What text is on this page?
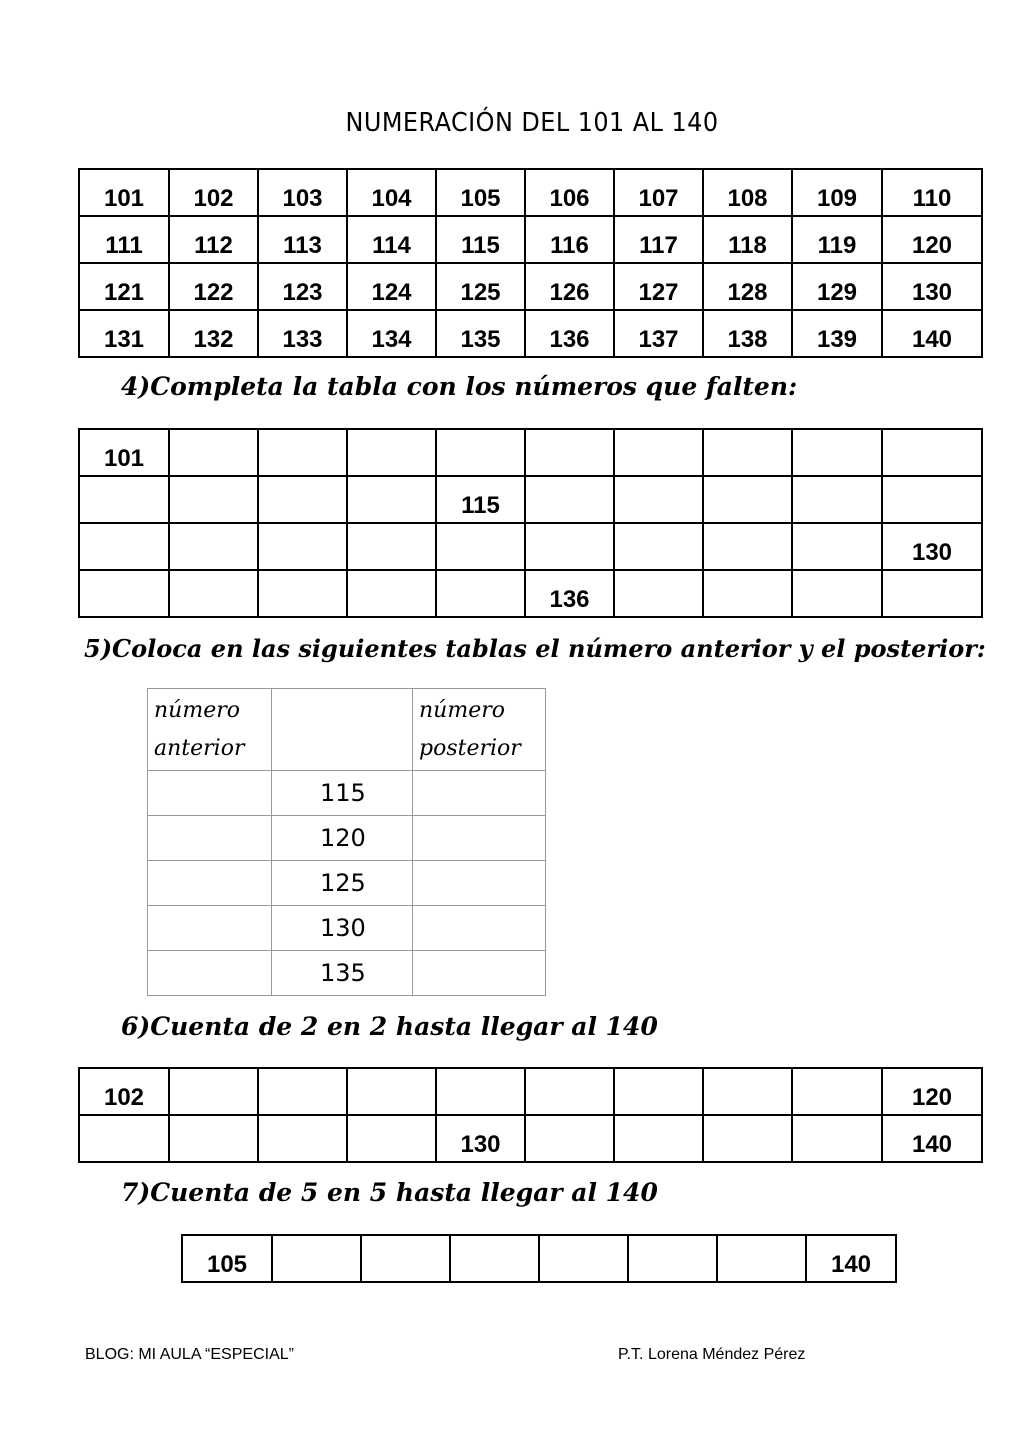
NUMERACIÓN DEL 101 AL 140
101	102	103	104	105	106	107	108	109	110

111	112	113	114	115	116	117	118	119	120

121	122	123	124	125	126	127	128	129	130

131	132	133	134	135	136	137	138	139	140
4)Completa la tabla con los números que falten:
101									

				115					

									130

					136				

5)Coloca en las siguientes tablas el número anterior y el posterior:
número
anterior		número
posterior

	115	
	120	
	125	
	130	
	135	
6)Cuenta de 2 en 2 hasta llegar al 140
102									120

				130					140
7)Cuenta de 5 en 5 hasta llegar al 140
105							140
BLOG: MI AULA “ESPECIAL”	P.T. Lorena Méndez Pérez
